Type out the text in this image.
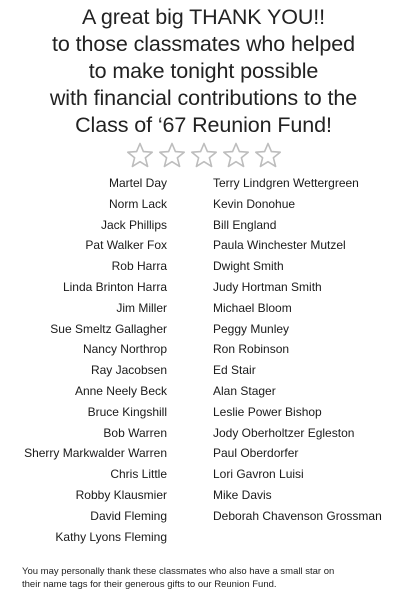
A great big THANK YOU!!
to those classmates who helped
to make tonight possible
with financial contributions to the
Class of ‘67 Reunion Fund!
Martel Day
Norm Lack
Jack Phillips
Pat Walker Fox
Rob Harra
Linda Brinton Harra
Jim Miller
Sue Smeltz Gallagher
Nancy Northrop
Ray Jacobsen
Anne Neely Beck
Bruce Kingshill
Bob Warren
Sherry Markwalder Warren
Chris Little
Robby Klausmier
David Fleming
Kathy Lyons Fleming
Terry Lindgren Wettergreen
Kevin Donohue
Bill England
Paula Winchester Mutzel
Dwight Smith
Judy Hortman Smith
Michael Bloom
Peggy Munley
Ron Robinson
Ed Stair
Alan Stager
Leslie Power Bishop
Jody Oberholtzer Egleston
Paul Oberdorfer
Lori Gavron Luisi
Mike Davis
Deborah Chavenson Grossman
You may personally thank these classmates who also have a small star on
their name tags for their generous gifts to our Reunion Fund.
